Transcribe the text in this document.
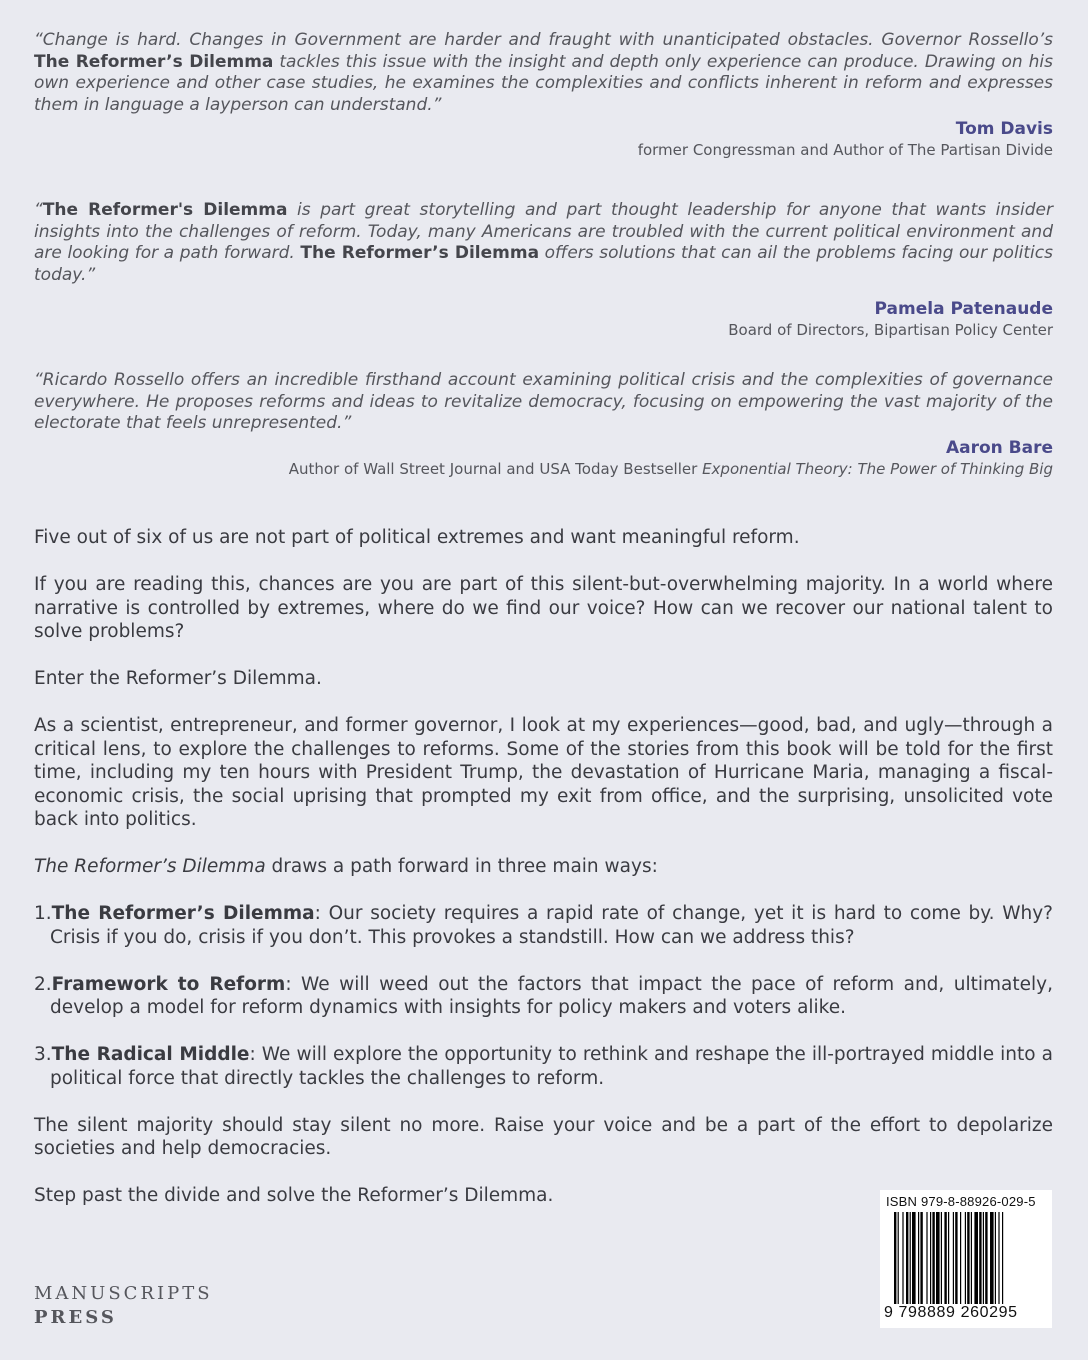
“Change is hard. Changes in Government are harder and fraught with unanticipated obstacles. Governor Rossello’s The Reformer’s Dilemma tackles this issue with the insight and depth only experience can produce. Drawing on his own experience and other case studies, he examines the complexities and conflicts inherent in reform and expresses them in language a layperson can understand.”

Tom Davis
former Congressman and Author of The Partisan Divide

“The Reformer's Dilemma is part great storytelling and part thought leadership for anyone that wants insider insights into the challenges of reform. Today, many Americans are troubled with the current political environment and are looking for a path forward. The Reformer’s Dilemma offers solutions that can ail the problems facing our politics today.”

Pamela Patenaude
Board of Directors, Bipartisan Policy Center

“Ricardo Rossello offers an incredible firsthand account examining political crisis and the complexities of governance everywhere. He proposes reforms and ideas to revitalize democracy, focusing on empowering the vast majority of the electorate that feels unrepresented.”

Aaron Bare
Author of Wall Street Journal and USA Today Bestseller Exponential Theory: The Power of Thinking Big

Five out of six of us are not part of political extremes and want meaningful reform.

If you are reading this, chances are you are part of this silent-but-overwhelming majority. In a world where narrative is controlled by extremes, where do we find our voice? How can we recover our national talent to solve problems?

Enter the Reformer’s Dilemma.

As a scientist, entrepreneur, and former governor, I look at my experiences—good, bad, and ugly—through a critical lens, to explore the challenges to reforms. Some of the stories from this book will be told for the first time, including my ten hours with President Trump, the devastation of Hurricane Maria, managing a fiscal-economic crisis, the social uprising that prompted my exit from office, and the surprising, unsolicited vote back into politics.

The Reformer’s Dilemma draws a path forward in three main ways:

1.The Reformer’s Dilemma: Our society requires a rapid rate of change, yet it is hard to come by. Why? Crisis if you do, crisis if you don’t. This provokes a standstill. How can we address this?

2.Framework to Reform: We will weed out the factors that impact the pace of reform and, ultimately, develop a model for reform dynamics with insights for policy makers and voters alike.

3.The Radical Middle: We will explore the opportunity to rethink and reshape the ill-portrayed middle into a political force that directly tackles the challenges to reform.

The silent majority should stay silent no more. Raise your voice and be a part of the effort to depolarize societies and help democracies.

Step past the divide and solve the Reformer’s Dilemma.

MANUSCRIPTS
PRESS
ISBN 979-8-88926-029-5
9 798889 260295
